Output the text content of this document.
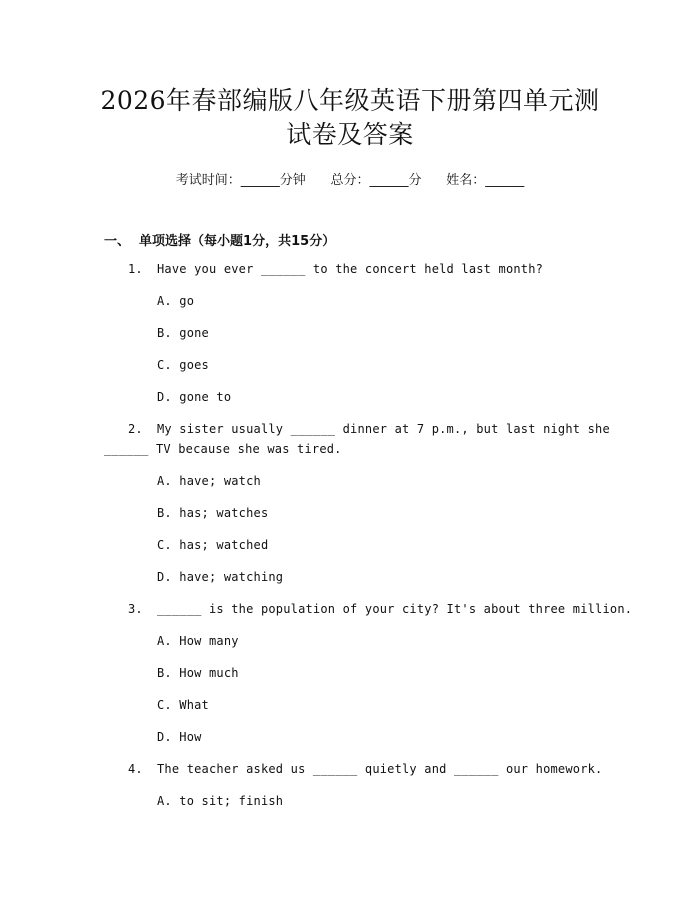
2026年春部编版八年级英语下册第四单元测
试卷及答案
考试时间：______分钟      总分：______分      姓名：______
一、  单项选择（每小题1分，共15分）
1. Have you ever ______ to the concert held last month?
A. go
B. gone
C. goes
D. gone to
2. My sister usually ______ dinner at 7 p.m., but last night she
______ TV because she was tired.
A. have; watch
B. has; watches
C. has; watched
D. have; watching
3. ______ is the population of your city? It's about three million.
A. How many
B. How much
C. What
D. How
4. The teacher asked us ______ quietly and ______ our homework.
A. to sit; finish
